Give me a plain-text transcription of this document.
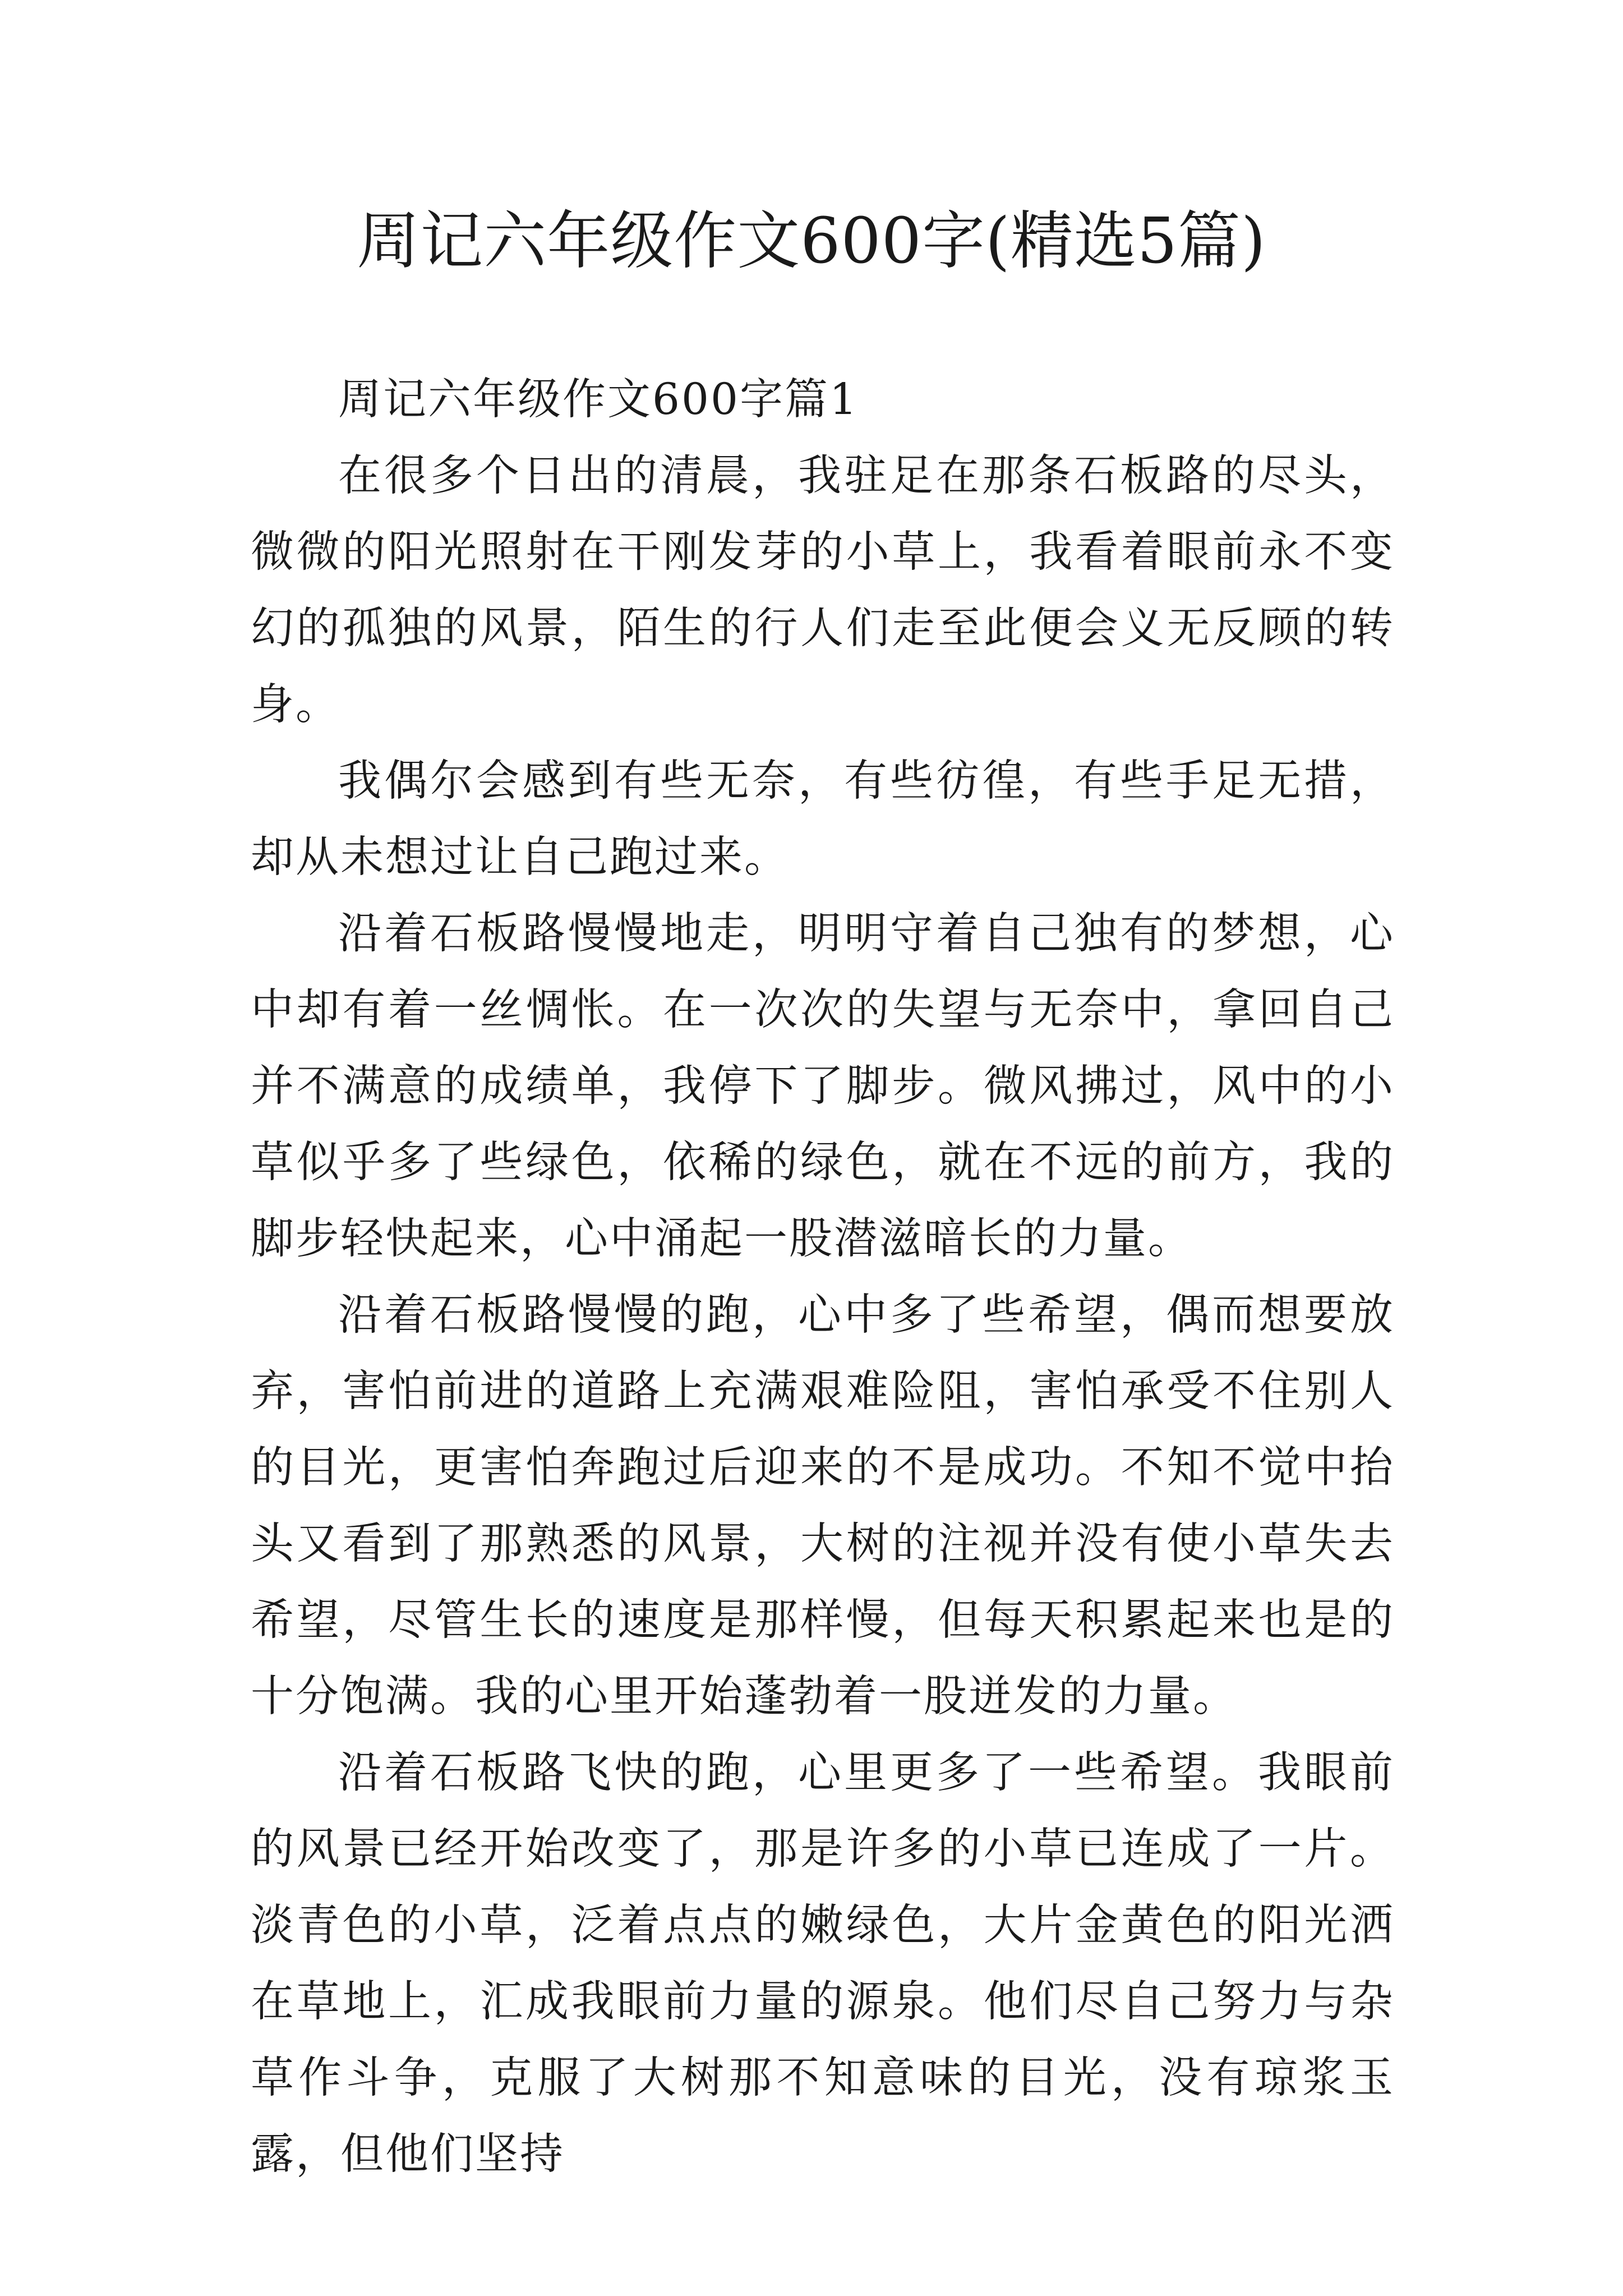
周记六年级作文600字(精选5篇)

周记六年级作文600字篇1

在很多个日出的清晨，我驻足在那条石板路的尽头，微微的阳光照射在干刚发芽的小草上，我看着眼前永不变幻的孤独的风景，陌生的行人们走至此便会义无反顾的转身。

我偶尔会感到有些无奈，有些彷徨，有些手足无措，却从未想过让自己跑过来。

沿着石板路慢慢地走，明明守着自己独有的梦想，心中却有着一丝惆怅。在一次次的失望与无奈中，拿回自己并不满意的成绩单，我停下了脚步。微风拂过，风中的小草似乎多了些绿色，依稀的绿色，就在不远的前方，我的脚步轻快起来，心中涌起一股潜滋暗长的力量。

沿着石板路慢慢的跑，心中多了些希望，偶而想要放弃，害怕前进的道路上充满艰难险阻，害怕承受不住别人的目光，更害怕奔跑过后迎来的不是成功。不知不觉中抬头又看到了那熟悉的风景，大树的注视并没有使小草失去希望，尽管生长的速度是那样慢，但每天积累起来也是的十分饱满。我的心里开始蓬勃着一股迸发的力量。

沿着石板路飞快的跑，心里更多了一些希望。我眼前的风景已经开始改变了，那是许多的小草已连成了一片。淡青色的小草，泛着点点的嫩绿色，大片金黄色的阳光洒在草地上，汇成我眼前力量的源泉。他们尽自己努力与杂草作斗争，克服了大树那不知意味的目光，没有琼浆玉露，但他们坚持
